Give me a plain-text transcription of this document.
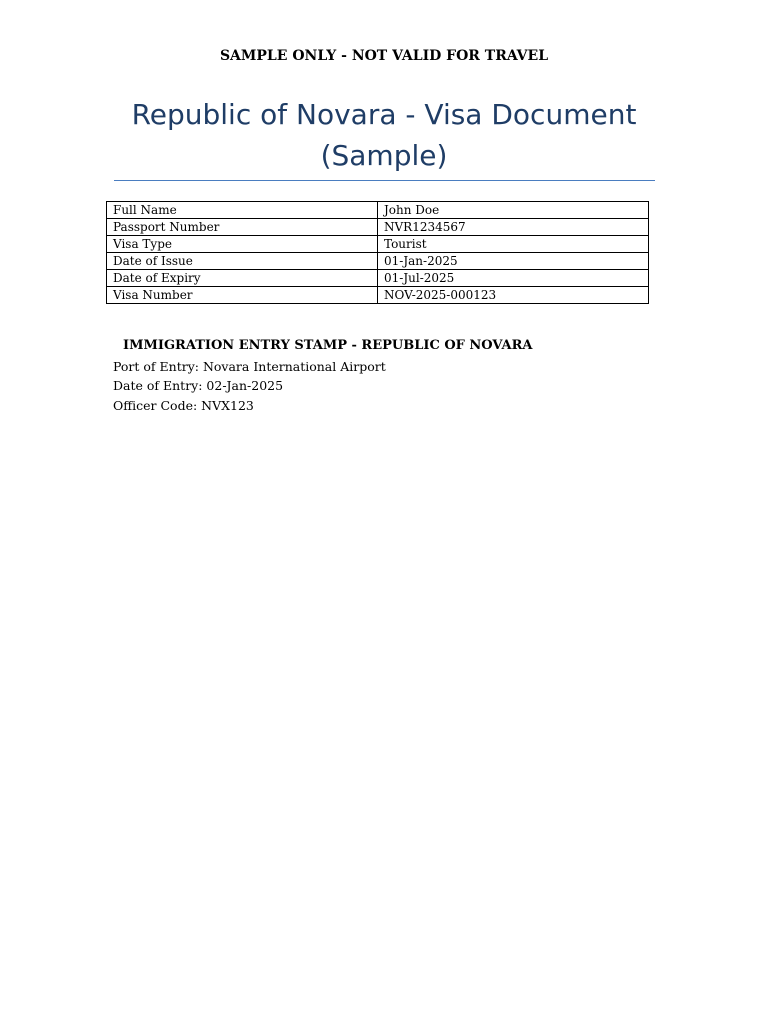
SAMPLE ONLY - NOT VALID FOR TRAVEL
Republic of Novara - Visa Document (Sample)
Full Name	John Doe
Passport Number	NVR1234567
Visa Type	Tourist
Date of Issue	01-Jan-2025
Date of Expiry	01-Jul-2025
Visa Number	NOV-2025-000123
IMMIGRATION ENTRY STAMP - REPUBLIC OF NOVARA
Port of Entry: Novara International Airport
Date of Entry: 02-Jan-2025
Officer Code: NVX123
